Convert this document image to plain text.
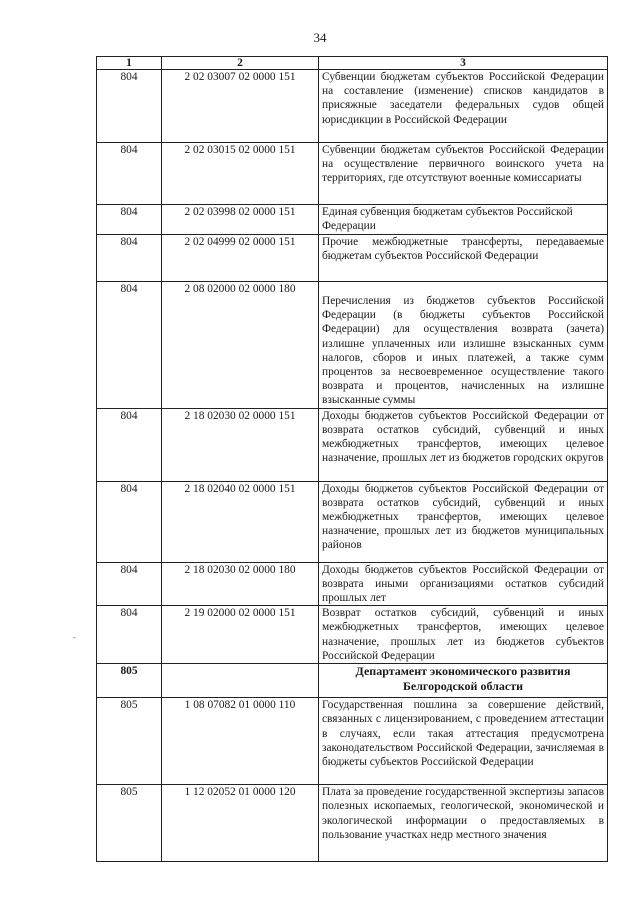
34
1	2	3
804	2 02 03007 02 0000 151	Субвенции бюджетам субъектов Российской Федерации на составление (изменение) списков кандидатов в присяжные заседатели федеральных судов общей юрисдикции в Российской Федерации
804	2 02 03015 02 0000 151	Субвенции бюджетам субъектов Российской Федерации на осуществление первичного воинского учета на территориях, где отсутствуют военные комиссариаты
804	2 02 03998 02 0000 151	Единая субвенция бюджетам субъектов Российской Федерации
804	2 02 04999 02 0000 151	Прочие межбюджетные трансферты, передаваемые бюджетам субъектов Российской Федерации
804	2 08 02000 02 0000 180	Перечисления из бюджетов субъектов Российской Федерации (в бюджеты субъектов Российской Федерации) для осуществления возврата (зачета) излишне уплаченных или излишне взысканных сумм налогов, сборов и иных платежей, а также сумм процентов за несвоевременное осуществление такого возврата и процентов, начисленных на излишне взысканные суммы
804	2 18 02030 02 0000 151	Доходы бюджетов субъектов Российской Федерации от возврата остатков субсидий, субвенций и иных межбюджетных трансфертов, имеющих целевое назначение, прошлых лет из бюджетов городских округов
804	2 18 02040 02 0000 151	Доходы бюджетов субъектов Российской Федерации от возврата остатков субсидий, субвенций и иных межбюджетных трансфертов, имеющих целевое назначение, прошлых лет из бюджетов муниципальных районов
804	2 18 02030 02 0000 180	Доходы бюджетов субъектов Российской Федерации от возврата иными организациями остатков субсидий прошлых лет
804	2 19 02000 02 0000 151	Возврат остатков субсидий, субвенций и иных межбюджетных трансфертов, имеющих целевое назначение, прошлых лет из бюджетов субъектов Российской Федерации
805		Департамент экономического развития Белгородской области
805	1 08 07082 01 0000 110	Государственная пошлина за совершение действий, связанных с лицензированием, с проведением аттестации в случаях, если такая аттестация предусмотрена законодательством Российской Федерации, зачисляемая в бюджеты субъектов Российской Федерации
805	1 12 02052 01 0000 120	Плата за проведение государственной экспертизы запасов полезных ископаемых, геологической, экономической и экологической информации о предоставляемых в пользование участках недр местного значения
-
